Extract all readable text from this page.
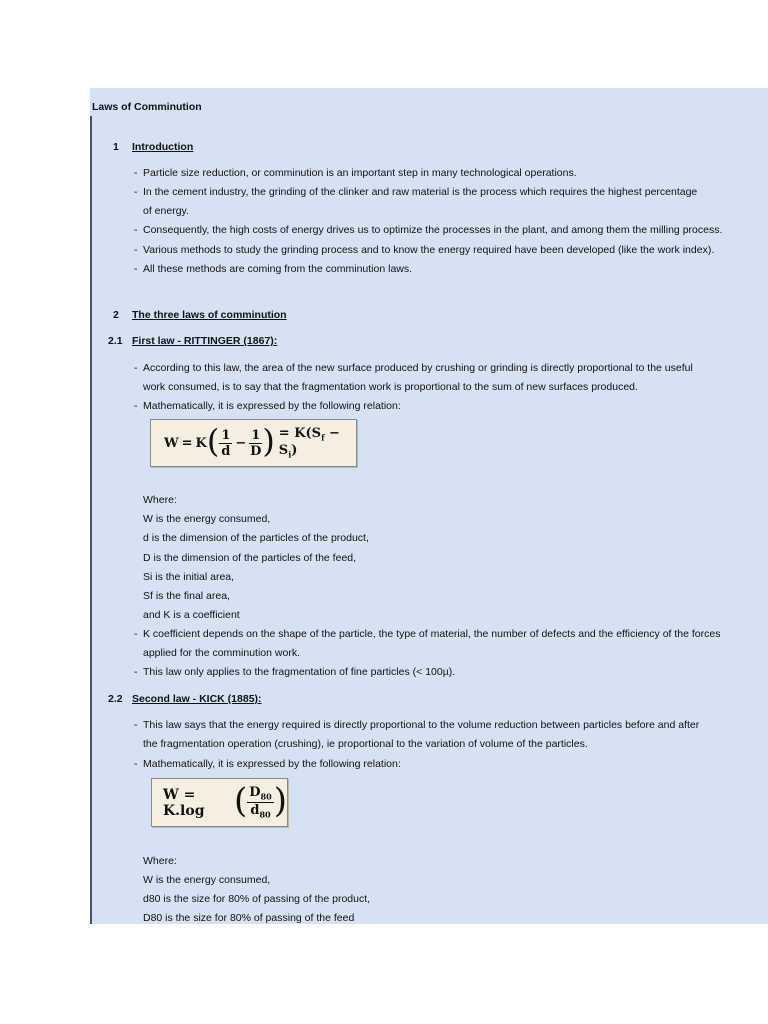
Laws of Comminution
1 Introduction
- Particle size reduction, or comminution is an important step in many technological operations.
- In the cement industry, the grinding of the clinker and raw material is the process which requires the highest percentage
of energy.
- Consequently, the high costs of energy drives us to optimize the processes in the plant, and among them the milling process.
- Various methods to study the grinding process and to know the energy required have been developed (like the work index).
- All these methods are coming from the comminution laws.
2 The three laws of comminution
2.1 First law - RITTINGER (1867):
- According to this law, the area of the new surface produced by crushing or grinding is directly proportional to the useful
work consumed, is to say that the fragmentation work is proportional to the sum of new surfaces produced.
- Mathematically, it is expressed by the following relation:
W = K ( $\frac{1}{d} - \frac{1}{D}$ ) = $K(S_f - S_i)$
Where:
W is the energy consumed,
d is the dimension of the particles of the product,
D is the dimension of the particles of the feed,
Si is the initial area,
Sf is the final area,
and K is a coefficient
- K coefficient depends on the shape of the particle, the type of material, the number of defects and the efficiency of the forces
applied for the comminution work.
- This law only applies to the fragmentation of fine particles (< 100µ).
2.2 Second law - KICK (1885):
- This law says that the energy required is directly proportional to the volume reduction between particles before and after
the fragmentation operation (crushing), ie proportional to the variation of volume of the particles.
- Mathematically, it is expressed by the following relation:
W = K.log ( $\frac{D_{80}}{d_{80}}$ )
Where:
W is the energy consumed,
d80 is the size for 80% of passing of the product,
D80 is the size for 80% of passing of the feed
